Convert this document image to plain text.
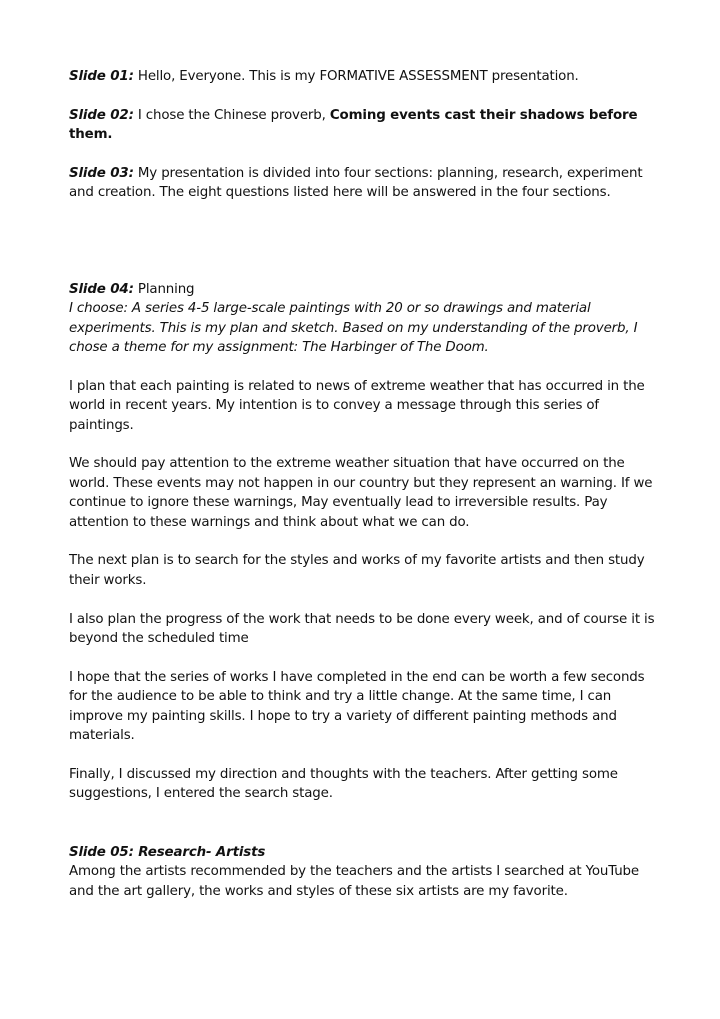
Slide 01: Hello, Everyone. This is my FORMATIVE ASSESSMENT presentation.

Slide 02: I chose the Chinese proverb, Coming events cast their shadows before them.

Slide 03: My presentation is divided into four sections: planning, research, experiment and creation. The eight questions listed here will be answered in the four sections.

Slide 04: Planning

I choose: A series 4-5 large-scale paintings with 20 or so drawings and material experiments. This is my plan and sketch. Based on my understanding of the proverb, I chose a theme for my assignment: The Harbinger of The Doom.

I plan that each painting is related to news of extreme weather that has occurred in the world in recent years. My intention is to convey a message through this series of paintings.

We should pay attention to the extreme weather situation that have occurred on the world. These events may not happen in our country but they represent an warning. If we continue to ignore these warnings, May eventually lead to irreversible results. Pay attention to these warnings and think about what we can do.

The next plan is to search for the styles and works of my favorite artists and then study their works.

I also plan the progress of the work that needs to be done every week, and of course it is beyond the scheduled time

I hope that the series of works I have completed in the end can be worth a few seconds for the audience to be able to think and try a little change. At the same time, I can improve my painting skills. I hope to try a variety of different painting methods and materials.

Finally, I discussed my direction and thoughts with the teachers. After getting some suggestions, I entered the search stage.

Slide 05: Research- Artists

Among the artists recommended by the teachers and the artists I searched at YouTube and the art gallery, the works and styles of these six artists are my favorite.
